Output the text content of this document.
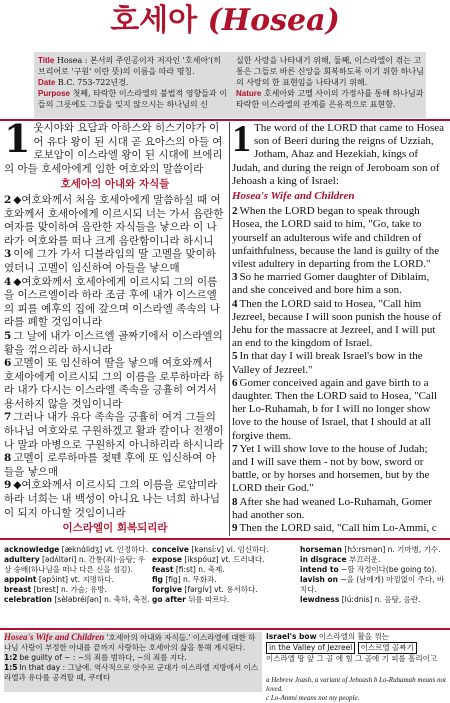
호세아 (Hosea)
Title Hosea : 본서의 주인공이자 저자인 '호세아'(히브리어로 '구원' 이란 뜻)의 이름을 따라 명칭.
Date B.C. 753-722년경.
Purpose 첫째, 타락한 이스라엘의 불법적 영향들과 이들의 그릇에도 그들을 잊지 않으시는 하나님의 신
실한 사랑을 나타내기 위해, 둘째, 이스라엘이 겪는 고통은 그들로 바른 신앙을 회복하도록 이기 위한 하나님의 사랑의 한 표현임을 나타내기 위해.
Nature 호세아와 고멜 사이의 가정사를 통해 하나님과 타락한 이스라엘의 관계를 은유적으로 표현함.
1 웃시야와 요담과 아하스와 히스기야가 이어 유다 왕이 된 시대 곧 요아스의 아들 여로보암이 이스라엘 왕이 된 시대에 브에리의 아들 호세아에게 임한 여호와의 말씀이라

호세아의 아내와 자식들

2 ◆여호와께서 처음 호세아에게 말씀하실 때 여호와께서 호세아에게 이르시되 너는 가서 음란한 여자를 맞이하여 음란한 자식들을 낳으라 이 나라가 여호와를 떠나 크게 음란함이니라 하시니

3 이에 그가 가서 디블라임의 딸 고멜을 맞이하였더니 고멜이 임신하여 아들을 낳으매

4 ◆여호와께서 호세아에게 이르시되 그의 이름을 이스르엘이라 하라 조금 후에 내가 이스르엘의 피를 예후의 집에 갚으며 이스라엘 족속의 나라를 폐할 것임이니라

5 그 날에 내가 이스르엘 골짜기에서 이스라엘의 활을 꺾으리라 하시니라

6 고멜이 또 임신하여 딸을 낳으매 여호와께서 호세아에게 이르시되 그의 이름을 로루하마라 하라 내가 다시는 이스라엘 족속을 긍휼히 여겨서 용서하지 않을 것임이니라

7 그러나 내가 유다 족속을 긍휼히 여겨 그들의 하나님 여호와로 구원하겠고 활과 칼이나 전쟁이나 말과 마병으로 구원하지 아니하리라 하시니라

8 고멜이 로루하마를 젖뗀 후에 또 임신하여 아들을 낳으매

9 ◆여호와께서 이르시되 그의 이름을 로암미라 하라 너희는 내 백성이 아니요 나는 너희 하나님이 되지 아니할 것임이니라

이스라엘이 회복되리라

1 The word of the LORD that came to Hosea son of Beeri during the reigns of Uzziah, Jotham, Ahaz and Hezekiah, kings of Judah, and during the reign of Jeroboam son of Jehoash a king of Israel:

Hosea's Wife and Children

2 When the LORD began to speak through Hosea, the LORD said to him, "Go, take to yourself an adulterous wife and children of unfaithfulness, because the land is guilty of the vilest adultery in departing from the LORD."

3 So he married Gomer daughter of Diblaim, and she conceived and bore him a son.

4 Then the LORD said to Hosea, "Call him Jezreel, because I will soon punish the house of Jehu for the massacre at Jezreel, and I will put an end to the kingdom of Israel.

5 In that day I will break Israel's bow in the Valley of Jezreel."

6 Gomer conceived again and gave birth to a daughter. Then the LORD said to Hosea, "Call her Lo-Ruhamah, b for I will no longer show love to the house of Israel, that I should at all forgive them.

7 Yet I will show love to the house of Judah; and I will save them - not by bow, sword or battle, or by horses and horsemen, but by the LORD their God."

8 After she had weaned Lo-Ruhamah, Gomer had another son.

9 Then the LORD said, "Call him Lo-Ammi, c

acknowledge [æknɑ́lidʒ] vt. 인정하다.
adultery [ədʌ́ltəri] n. 간통(죄)·음탕; 우상 숭배(하나님을 떠나 다른 신을 섬김).
appoint [əpɔ́int] vt. 지명하다.
breast [brest] n. 가슴; 유방.
celebration [sèləbréiʃən] n. 축하, 축전.
conceive [kənsíːv] vi. 임신하다.
expose [ikspóuz] vt. 드러내다.
feast [fiːst] n. 축제.
fig [fig] n. 무화과.
forgive [fərgív] vt. 용서하다.
go after 뒤를 따르다.
horseman [hɔ́ːrsmən] n. 기마병, 기수.
in disgrace 부끄러운.
intend to ~할 작정이다(be going to).
lavish on ~을 (남에게) 아낌없이 주다, 바치다.
lewdness [lúːdnis] n. 음탕, 음란.
Hosea's Wife and Children '호세아의 아내와 자식들.' 이스라엘에 대한 하나님 사랑이 부정한 아내를 끝까지 사랑하는 호세아의 삶을 통해 계시된다.
1:2 be guilty of ~ : ~의 죄를 범하다, ~의 죄를 지다.
1:5 In that day : 그날에. 역사적으로 앗수르 군대가 이스라엘 지방에서 이스라엘과 유다를 공격할 때, 쿠데타
Israel's bow 이스라엘의 활을 꺾는
in the Valley of Jezreel 이스르엘 골짜기
이스라엘 땅 앞 그 골 에 힘 그 골에 기 피를 흘리이고
a Hebrew Joash, a variant of Jehoash b Lo-Ruhamah means not loved.
c Lo-Ammi means not my people.
